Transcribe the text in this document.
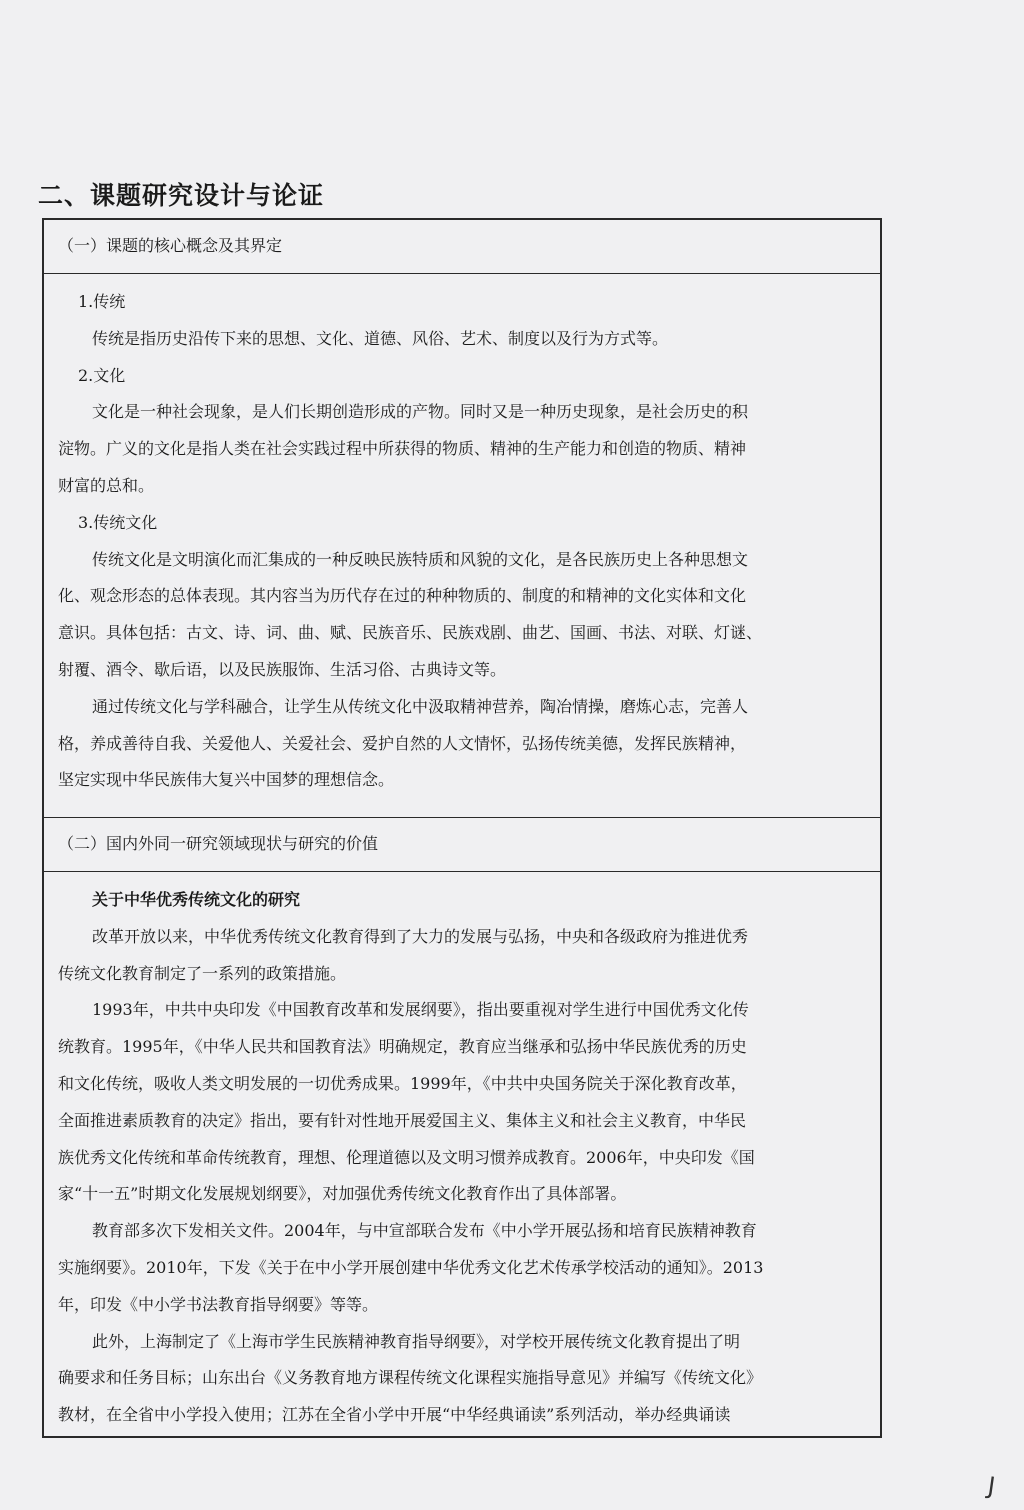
二、课题研究设计与论证
（一）课题的核心概念及其界定

1.传统

传统是指历史沿传下来的思想、文化、道德、风俗、艺术、制度以及行为方式等。

2.文化

文化是一种社会现象，是人们长期创造形成的产物。同时又是一种历史现象，是社会历史的积

淀物。广义的文化是指人类在社会实践过程中所获得的物质、精神的生产能力和创造的物质、精神

财富的总和。

3.传统文化

传统文化是文明演化而汇集成的一种反映民族特质和风貌的文化，是各民族历史上各种思想文

化、观念形态的总体表现。其内容当为历代存在过的种种物质的、制度的和精神的文化实体和文化

意识。具体包括：古文、诗、词、曲、赋、民族音乐、民族戏剧、曲艺、国画、书法、对联、灯谜、

射覆、酒令、歇后语，以及民族服饰、生活习俗、古典诗文等。

通过传统文化与学科融合，让学生从传统文化中汲取精神营养，陶冶情操，磨炼心志，完善人

格，养成善待自我、关爱他人、关爱社会、爱护自然的人文情怀，弘扬传统美德，发挥民族精神，

坚定实现中华民族伟大复兴中国梦的理想信念。

（二）国内外同一研究领域现状与研究的价值

关于中华优秀传统文化的研究

改革开放以来，中华优秀传统文化教育得到了大力的发展与弘扬，中央和各级政府为推进优秀

传统文化教育制定了一系列的政策措施。

1993年，中共中央印发《中国教育改革和发展纲要》，指出要重视对学生进行中国优秀文化传

统教育。1995年，《中华人民共和国教育法》明确规定，教育应当继承和弘扬中华民族优秀的历史

和文化传统，吸收人类文明发展的一切优秀成果。1999年，《中共中央国务院关于深化教育改革，

全面推进素质教育的决定》指出，要有针对性地开展爱国主义、集体主义和社会主义教育，中华民

族优秀文化传统和革命传统教育，理想、伦理道德以及文明习惯养成教育。2006年，中央印发《国

家“十一五”时期文化发展规划纲要》，对加强优秀传统文化教育作出了具体部署。

教育部多次下发相关文件。2004年，与中宣部联合发布《中小学开展弘扬和培育民族精神教育

实施纲要》。2010年，下发《关于在中小学开展创建中华优秀文化艺术传承学校活动的通知》。2013

年，印发《中小学书法教育指导纲要》等等。

此外，上海制定了《上海市学生民族精神教育指导纲要》，对学校开展传统文化教育提出了明

确要求和任务目标；山东出台《义务教育地方课程传统文化课程实施指导意见》并编写《传统文化》

教材，在全省中小学投入使用；江苏在全省小学中开展“中华经典诵读”系列活动，举办经典诵读

J
